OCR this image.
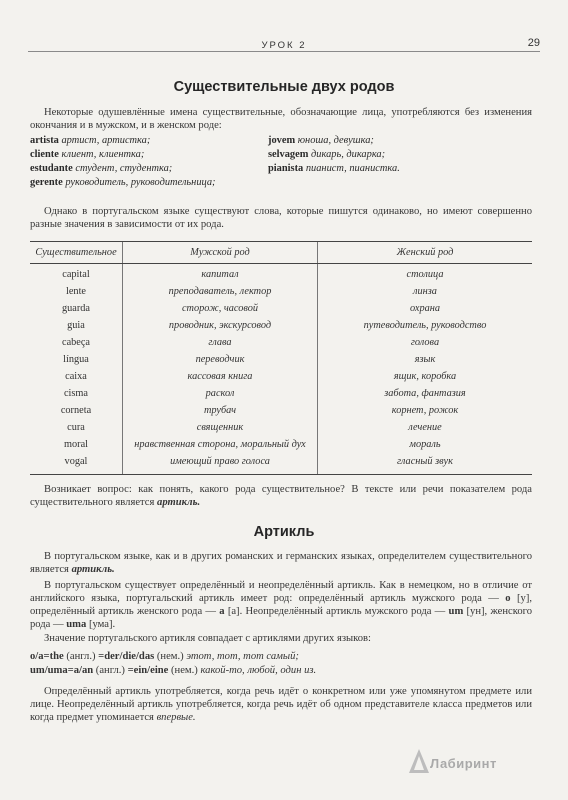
УРОК 2	29
Существительные двух родов

Некоторые одушевлённые имена существительные, обозначающие лица, употребляются без изменения окончания и в мужском, и в женском роде:

artista артист, артистка;
cliente клиент, клиентка;
estudante студент, студентка;
gerente руководитель, руководительница;
jovem юноша, девушка;
selvagem дикарь, дикарка;
pianista пианист, пианистка.

Однако в португальском языке существуют слова, которые пишутся одинаково, но имеют совершенно разные значения в зависимости от их рода.

Существительное	Мужской род	Женский род
capital	капитал	столица
lente	преподаватель, лектор	линза
guarda	сторож, часовой	охрана
guia	проводник, экскурсовод	путеводитель, руководство
cabeça	глава	голова
língua	переводчик	язык
caixa	кассовая книга	ящик, коробка
cisma	раскол	забота, фантазия
corneta	трубач	корнет, рожок
cura	священник	лечение
moral	нравственная сторона, моральный дух	мораль
vogal	имеющий право голоса	гласный звук

Возникает вопрос: как понять, какого рода существительное? В тексте или речи показателем рода существительного является артикль.

Артикль

В португальском языке, как и в других романских и германских языках, определителем существительного является артикль.

В португальском существует определённый и неопределённый артикль. Как в немецком, но в отличие от английского языка, португальский артикль имеет род: определённый артикль мужского рода — o [у], определённый артикль женского рода — a [а]. Неопределённый артикль мужского рода — um [ун], женского рода — uma [ума].

Значение португальского артикля совпадает с артиклями других языков:

o/a=the (англ.) =der/die/das (нем.) этот, тот, тот самый;

um/uma=a/an (англ.) =ein/eine (нем.) какой-то, любой, один из.

Определённый артикль употребляется, когда речь идёт о конкретном или уже упомянутом предмете или лице. Неопределённый артикль употребляется, когда речь идёт об одном представителе класса предметов или когда предмет упоминается впервые.

Лабиринт
